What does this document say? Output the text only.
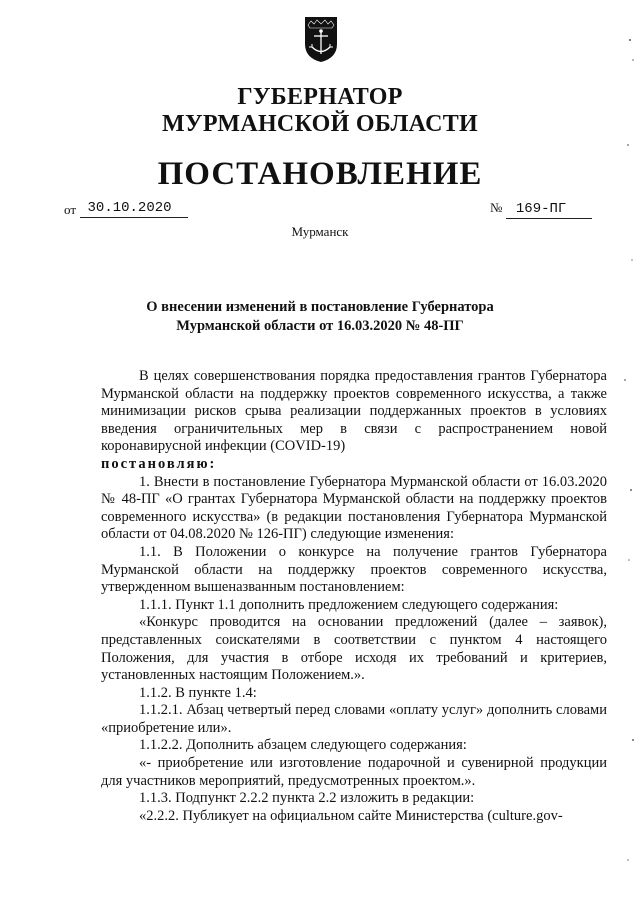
ГУБЕРНАТОР
МУРМАНСКОЙ ОБЛАСТИ
ПОСТАНОВЛЕНИЕ
от 30.10.2020	№ 169-ПГ
Мурманск
О внесении изменений в постановление Губернатора
Мурманской области от 16.03.2020 № 48-ПГ

В целях совершенствования порядка предоставления грантов Губернатора Мурманской области на поддержку проектов современного искусства, а также минимизации рисков срыва реализации поддержанных проектов в условиях введения ограничительных мер в связи с распространением новой коронавирусной инфекции (COVID-19)

постановляю:

1. Внести в постановление Губернатора Мурманской области от 16.03.2020 № 48-ПГ «О грантах Губернатора Мурманской области на поддержку проектов современного искусства» (в редакции постановления Губернатора Мурманской области от 04.08.2020 № 126-ПГ) следующие изменения:

1.1. В Положении о конкурсе на получение грантов Губернатора Мурманской области на поддержку проектов современного искусства, утвержденном вышеназванным постановлением:

1.1.1. Пункт 1.1 дополнить предложением следующего содержания:

«Конкурс проводится на основании предложений (далее – заявок), представленных соискателями в соответствии с пунктом 4 настоящего Положения, для участия в отборе исходя их требований и критериев, установленных настоящим Положением.».

1.1.2. В пункте 1.4:

1.1.2.1. Абзац четвертый перед словами «оплату услуг» дополнить словами «приобретение или».

1.1.2.2. Дополнить абзацем следующего содержания:

«- приобретение или изготовление подарочной и сувенирной продукции для участников мероприятий, предусмотренных проектом.».

1.1.3. Подпункт 2.2.2 пункта 2.2 изложить в редакции:

«2.2.2. Публикует на официальном сайте Министерства (culture.gov-
